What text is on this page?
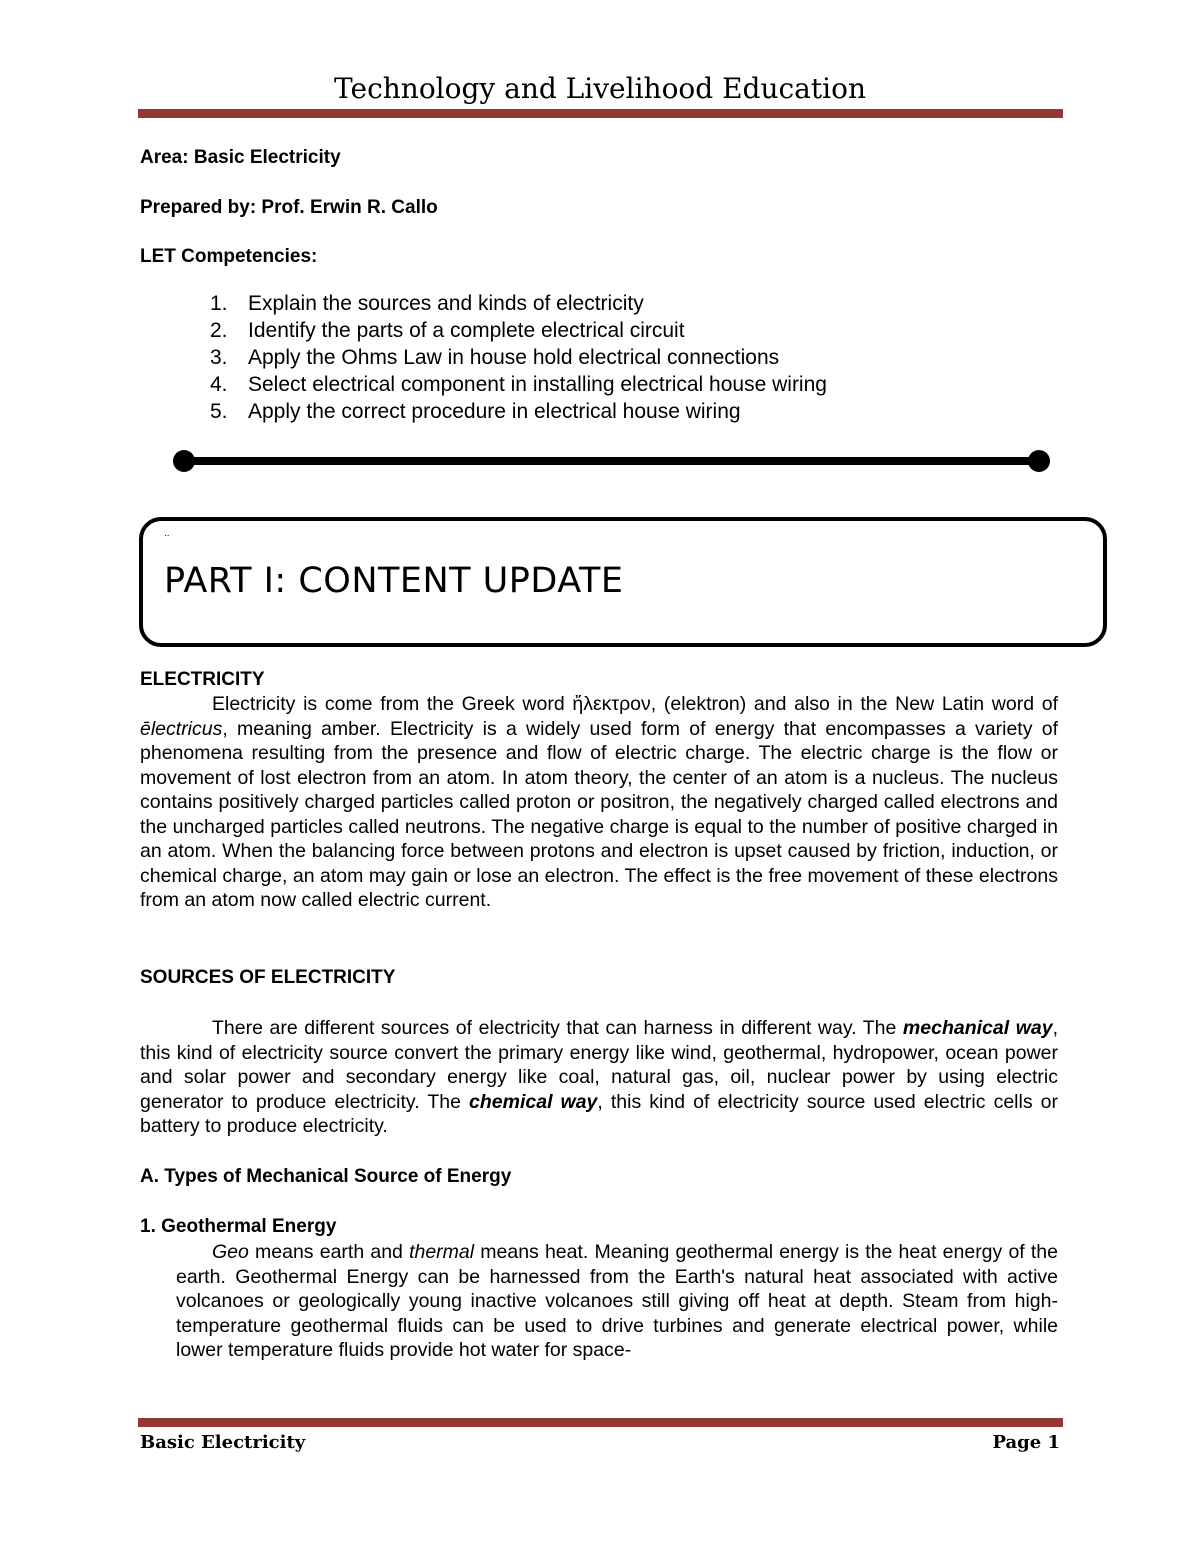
Technology and Livelihood Education
Area: Basic Electricity
Prepared by: Prof. Erwin R. Callo
LET Competencies:
1. Explain the sources and kinds of electricity
2. Identify the parts of a complete electrical circuit
3. Apply the Ohms Law in house hold electrical connections
4. Select electrical component in installing electrical house wiring
5. Apply the correct procedure in electrical house wiring
..
PART I: CONTENT UPDATE
ELECTRICITY
Electricity is come from the Greek word ἤλεκτρον, (elektron) and also in the New Latin word of ēlectricus, meaning amber. Electricity is a widely used form of energy that encompasses a variety of phenomena resulting from the presence and flow of electric charge. The electric charge is the flow or movement of lost electron from an atom. In atom theory, the center of an atom is a nucleus. The nucleus contains positively charged particles called proton or positron, the negatively charged called electrons and the uncharged particles called neutrons. The negative charge is equal to the number of positive charged in an atom. When the balancing force between protons and electron is upset caused by friction, induction, or chemical charge, an atom may gain or lose an electron. The effect is the free movement of these electrons from an atom now called electric current.
SOURCES OF ELECTRICITY
There are different sources of electricity that can harness in different way. The mechanical way, this kind of electricity source convert the primary energy like wind, geothermal, hydropower, ocean power and solar power and secondary energy like coal, natural gas, oil, nuclear power by using electric generator to produce electricity. The chemical way, this kind of electricity source used electric cells or battery to produce electricity.
A. Types of Mechanical Source of Energy
1. Geothermal Energy
Geo means earth and thermal means heat. Meaning geothermal energy is the heat energy of the earth. Geothermal Energy can be harnessed from the Earth's natural heat associated with active volcanoes or geologically young inactive volcanoes still giving off heat at depth. Steam from high-temperature geothermal fluids can be used to drive turbines and generate electrical power, while lower temperature fluids provide hot water for space-
Basic Electricity	Page 1
